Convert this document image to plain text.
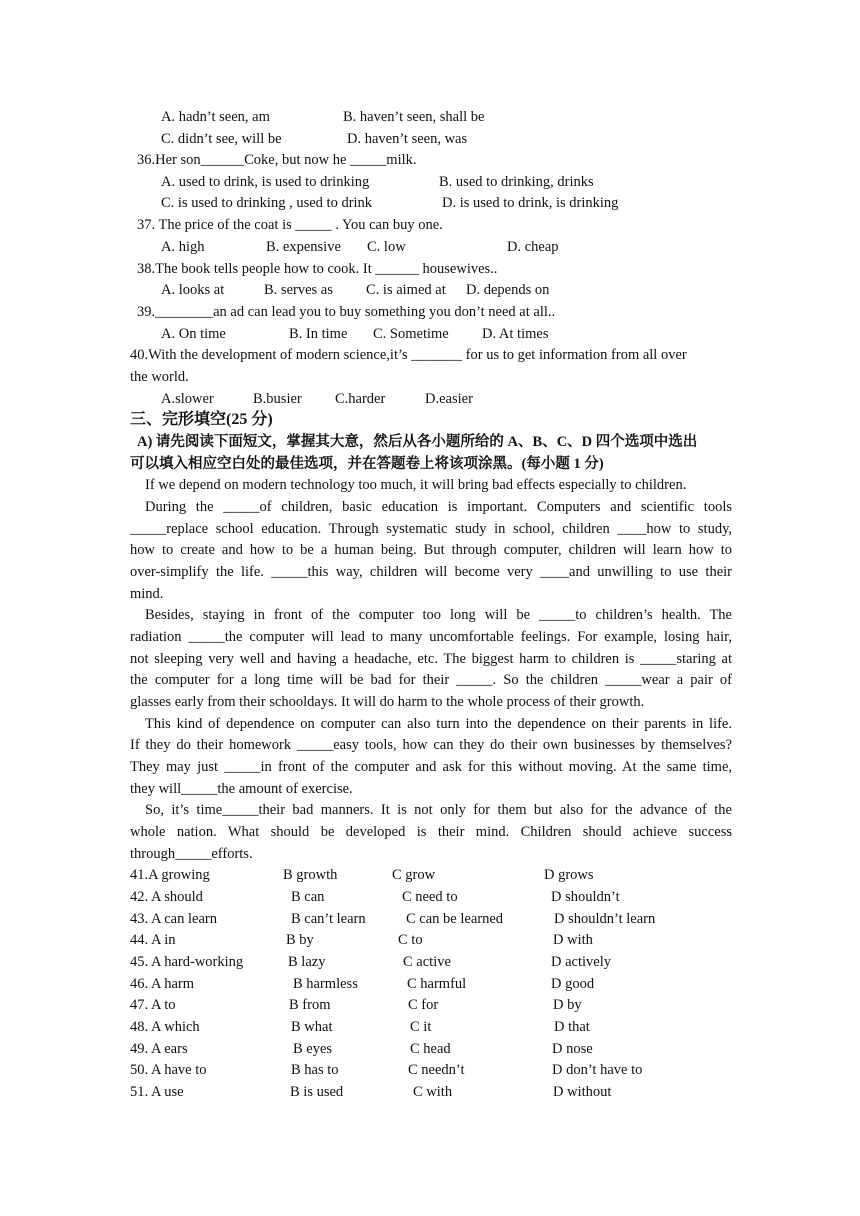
A. hadn’t seen, am	B. haven’t seen, shall be
C. didn’t see, will be	D. haven’t seen, was
36.Her son______Coke, but now he _____milk.
A. used to drink, is used to drinking	B. used to drinking, drinks
C. is used to drinking , used to drink	D. is used to drink, is drinking
37. The price of the coat is _____ . You can buy one.
A. high	B. expensive C. low	D. cheap
38.The book tells people how to cook. It ______ housewives..
A. looks at	B. serves as C. is aimed at D. depends on
39.________an ad can lead you to buy something you don’t need at all..
A. On time	B. In time C. Sometime D. At times
40.With the development of modern science,it’s _______ for us to get information from all over
the world.
A.slower	B.busier C.harder	D.easier
三、完形填空(25 分)
A) 请先阅读下面短文，掌握其大意，然后从各小题所给的 A、B、C、D 四个选项中选出
可以填入相应空白处的最佳选项，并在答题卷上将该项涂黑。(每小题 1 分)
If we depend on modern technology too much, it will bring bad effects especially to children.
During the _____of children, basic education is important. Computers and scientific tools
_____replace school education. Through systematic study in school, children ____how to study,
how to create and how to be a human being. But through computer, children will learn how to
over-simplify the life. _____this way, children will become very ____and unwilling to use their
mind.
Besides, staying in front of the computer too long will be _____to children’s health. The
radiation _____the computer will lead to many uncomfortable feelings. For example, losing hair,
not sleeping very well and having a headache, etc. The biggest harm to children is _____staring at
the computer for a long time will be bad for their _____. So the children _____wear a pair of
glasses early from their schooldays. It will do harm to the whole process of their growth.
This kind of dependence on computer can also turn into the dependence on their parents in life.
If they do their homework _____easy tools, how can they do their own businesses by themselves?
They may just _____in front of the computer and ask for this without moving. At the same time,
they will_____the amount of exercise.
So, it’s time_____their bad manners. It is not only for them but also for the advance of the
whole nation. What should be developed is their mind. Children should achieve success
through_____efforts.
41.A growing	B growth	C grow	D grows
42. A should	B can	C need to	D shouldn’t
43. A can learn	B can’t learn	C can be learned	D shouldn’t learn
44. A in	B by	C to	D with
45. A hard-working	B lazy	C active	D actively
46. A harm	B harmless	C harmful	D good
47. A to	B from	C for	D by
48. A which	B what	C it	D that
49. A ears	B eyes	C head	D nose
50. A have to	B has to	C needn’t	D don’t have to
51. A use	B is used	C with	D without
